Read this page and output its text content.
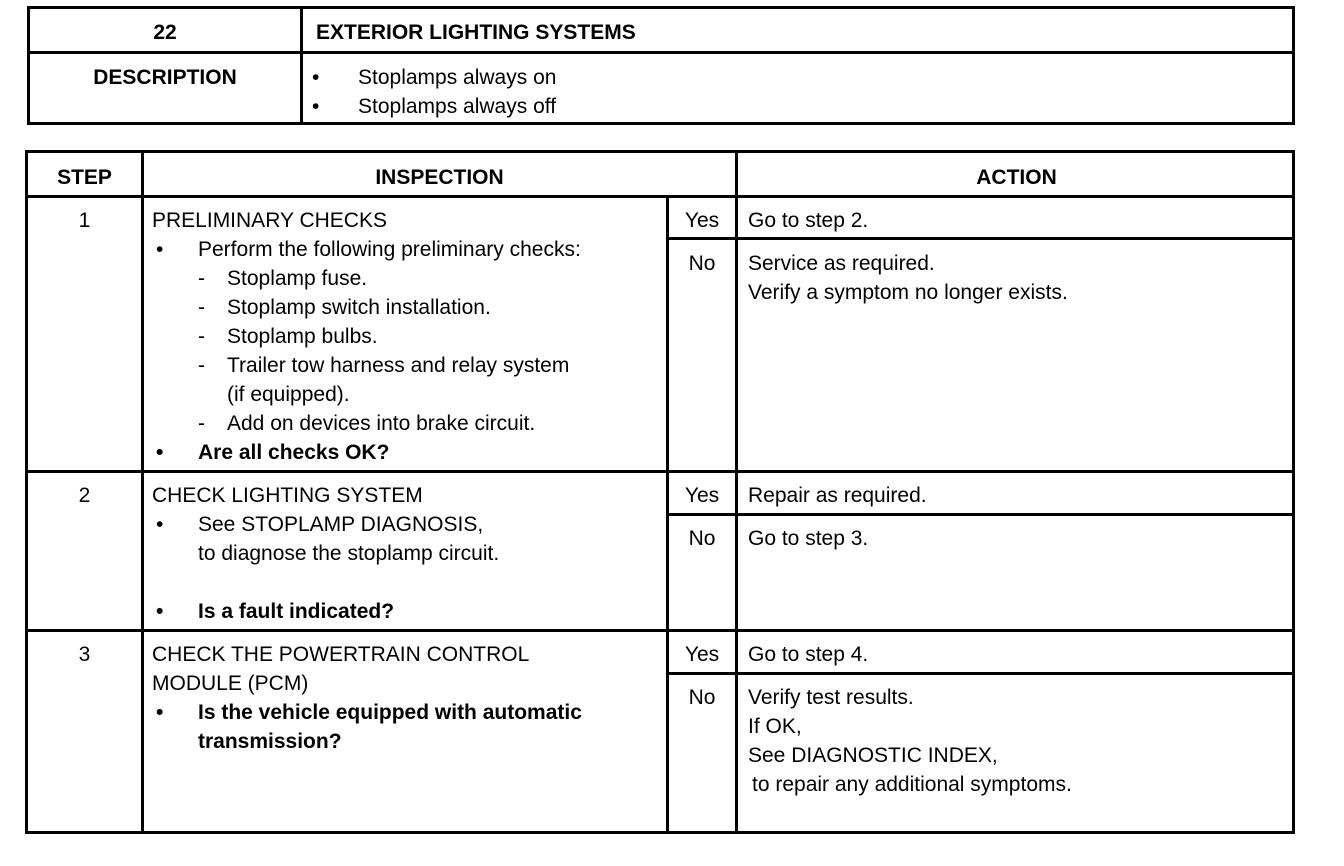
22	EXTERIOR LIGHTING SYSTEMS
DESCRIPTION	• Stoplamps always on
• Stoplamps always off
STEP	INSPECTION	ACTION
1	PRELIMINARY CHECKS
• Perform the following preliminary checks:
- Stoplamp fuse.
- Stoplamp switch installation.
- Stoplamp bulbs.
- Trailer tow harness and relay system
(if equipped).
- Add on devices into brake circuit.
• Are all checks OK?
Yes	Go to step 2.
No	Service as required.
Verify a symptom no longer exists.
2	CHECK LIGHTING SYSTEM
• See STOPLAMP DIAGNOSIS,
to diagnose the stoplamp circuit.
• Is a fault indicated?
Yes	Repair as required.
No	Go to step 3.
3	CHECK THE POWERTRAIN CONTROL
MODULE (PCM)
• Is the vehicle equipped with automatic
transmission?
Yes	Go to step 4.
No	Verify test results.
If OK,
See DIAGNOSTIC INDEX,
to repair any additional symptoms.
